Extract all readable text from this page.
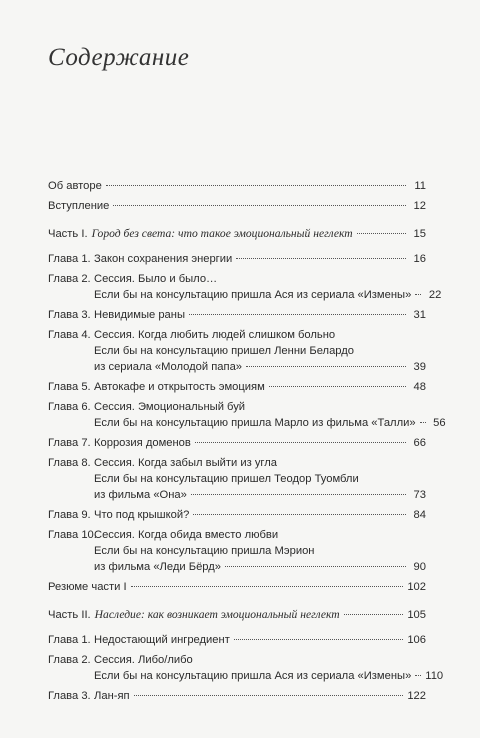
Содержание
Об авторе	11
Вступление	12
Часть I. Город без света: что такое эмоциональный неглект	15
Глава 1. Закон сохранения энергии	16
Глава 2. Сессия. Было и было…
Если бы на консультацию пришла Ася из сериала «Измены»	22
Глава 3. Невидимые раны	31
Глава 4. Сессия. Когда любить людей слишком больно
Если бы на консультацию пришел Ленни Белардо
из сериала «Молодой папа»	39
Глава 5. Автокафе и открытость эмоциям	48
Глава 6. Сессия. Эмоциональный буй
Если бы на консультацию пришла Марло из фильма «Талли»	56
Глава 7. Коррозия доменов	66
Глава 8. Сессия. Когда забыл выйти из угла
Если бы на консультацию пришел Теодор Туомбли
из фильма «Она»	73
Глава 9. Что под крышкой?	84
Глава 10.
Сессия. Когда обида вместо любви
Если бы на консультацию пришла Мэрион
из фильма «Леди Бёрд»	90
Резюме части I	102
Часть II. Наследие: как возникает эмоциональный неглект	105
Глава 1. Недостающий ингредиент	106
Глава 2. Сессия. Либо/либо
Если бы на консультацию пришла Ася из сериала «Измены» 110
Глава 3. Лан-яп	122
